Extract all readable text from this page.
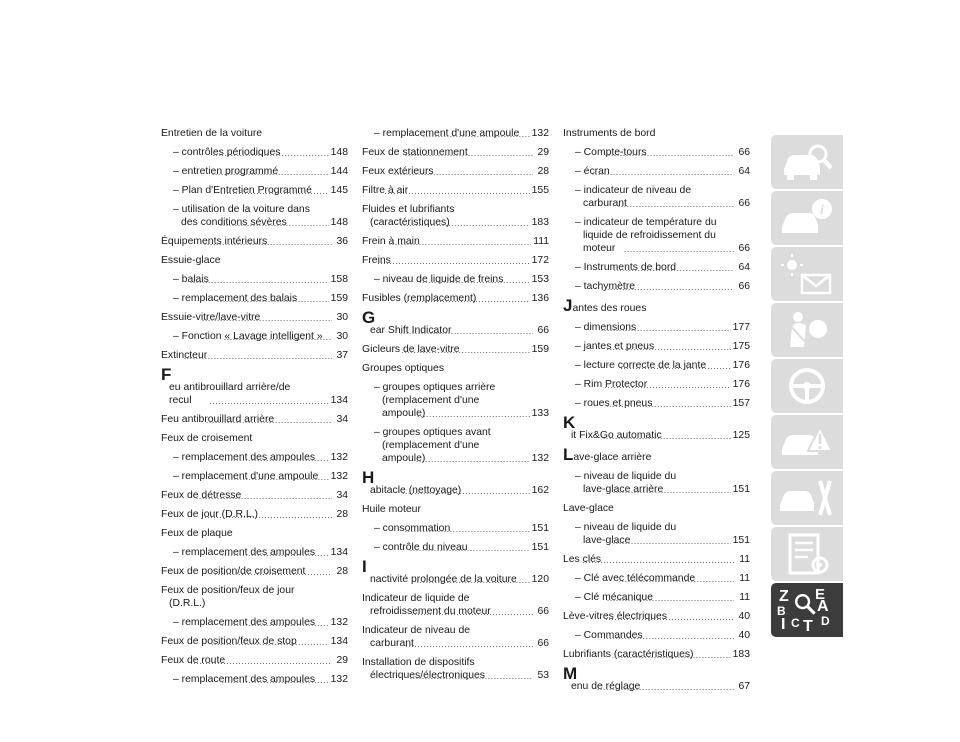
Entretien de la voiture
– contrôles périodiques .....	148
– entretien programmé .....	144
– Plan d'Entretien Programmé ..... 145
– utilisation de la voiture dans
des conditions sévères .....	148
Équipements intérieurs .....	36
Essuie-glace
– balais .....	158
– remplacement des balais .....	159
Essuie-vitre/lave-vitre .....	30
– Fonction « Lavage intelligent » ..... 30
Extincteur .....	37
F
eu antibrouillard arrière/de
recul .....	134
Feu antibrouillard arrière .....	34
Feux de croisement
– remplacement des ampoules ..... 132
– remplacement d'une ampoule ..... 132
Feux de détresse .....	34
Feux de jour (D.R.L.) .....	28
Feux de plaque
– remplacement des ampoules ..... 134
Feux de position/de croisement .....	28
Feux de position/feux de jour
(D.R.L.)
– remplacement des ampoules ..... 132
Feux de position/feux de stop .....	134
Feux de route .....	29
– remplacement des ampoules ..... 132
– remplacement d'une ampoule ..... 132
Feux de stationnement .....	29
Feux extérieurs .....	28
Filtre à air .....	155
Fluides et lubrifiants
(caractéristiques) .....	183
Frein à main .....	111
Freins .....	172
– niveau de liquide de freins .....	153
Fusibles (remplacement) .....	136
G
ear Shift Indicator .....	66
Gicleurs de lave-vitre .....	159
Groupes optiques
– groupes optiques arrière
(remplacement d'une
ampoule) .....	133
– groupes optiques avant
(remplacement d'une
ampoule) .....	132
H
abitacle (nettoyage) .....	162
Huile moteur
– consommation .....	151
– contrôle du niveau .....	151
I
nactivité prolongée de la voiture ..... 120
Indicateur de liquide de
refroidissement du moteur .....	66
Indicateur de niveau de
carburant .....	66
Installation de dispositifs
électriques/électroniques .....	53
Instruments de bord
– Compte-tours .....	66
– écran .....	64
– indicateur de niveau de
carburant .....	66
– indicateur de température du
liquide de refroidissement du
moteur .....	66
– Instruments de bord .....	64
– tachymètre .....	66
Jantes des roues
– dimensions .....	177
– jantes et pneus .....	175
– lecture correcte de la jante .....	176
– Rim Protector .....	176
– roues et pneus .....	157
K
it Fix&Go automatic .....	125
Lave-glace arrière
– niveau de liquide du
lave-glace arrière .....	151
Lave-glace
– niveau de liquide du
lave-glace .....	151
Les clés .....	11
– Clé avec télécommande .....	11
– Clé mécanique .....	11
Lève-vitres électriques .....	40
– Commandes .....	40
Lubrifiants (caractéristiques) .....	183
M
enu de réglage .....	67
i
Z E
B A
I C T D
